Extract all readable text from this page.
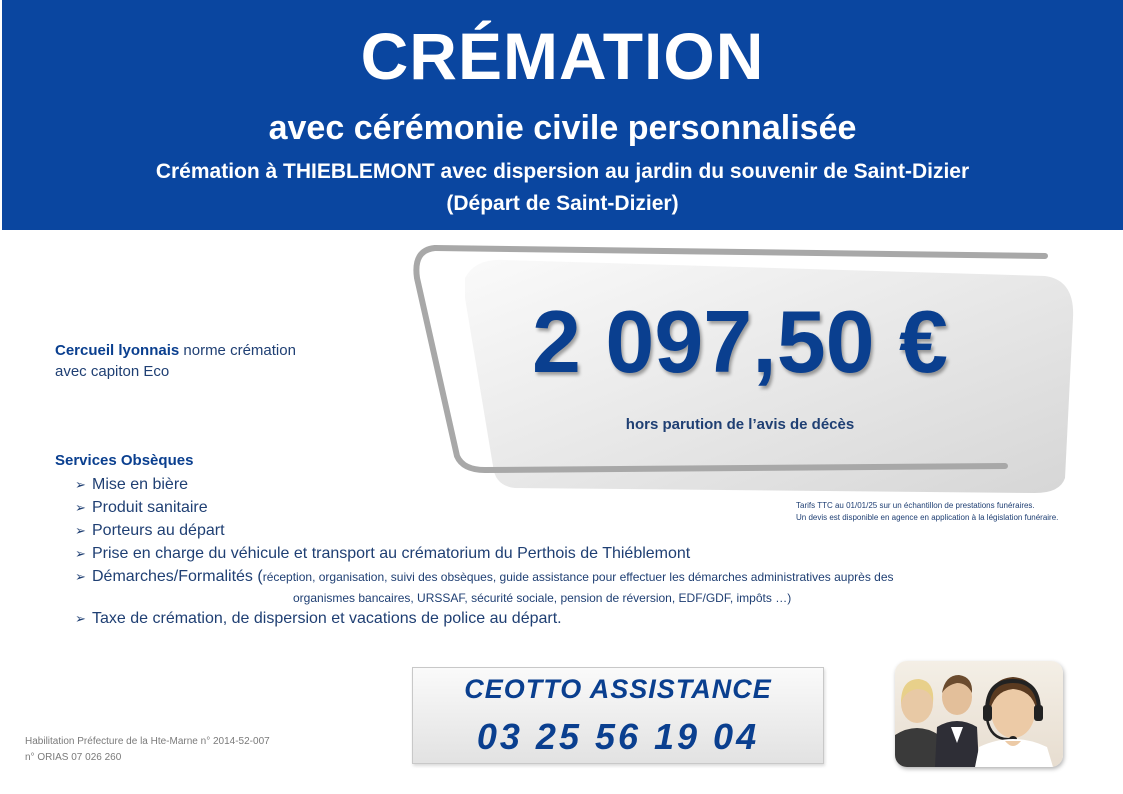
CRÉMATION
avec cérémonie civile personnalisée
Crémation à THIEBLEMONT avec dispersion au jardin du souvenir de Saint-Dizier
(Départ de Saint-Dizier)
2 097,50 €
hors parution de l’avis de décès
Tarifs TTC au 01/01/25 sur un échantillon de prestations funéraires.
Un devis est disponible en agence en application à la législation funéraire.
Cercueil lyonnais norme crémation
avec capiton Eco
Services Obsèques
➢ Mise en bière
➢ Produit sanitaire
➢ Porteurs au départ
➢ Prise en charge du véhicule et transport au crématorium du Perthois de Thiéblemont
➢ Démarches/Formalités (réception, organisation, suivi des obsèques, guide assistance pour effectuer les démarches administratives auprès des
organismes bancaires, URSSAF, sécurité sociale, pension de réversion, EDF/GDF, impôts …)
➢ Taxe de crémation, de dispersion et vacations de police au départ.
CEOTTO ASSISTANCE
03 25 56 19 04
Habilitation Préfecture de la Hte-Marne n° 2014-52-007
n° ORIAS 07 026 260
